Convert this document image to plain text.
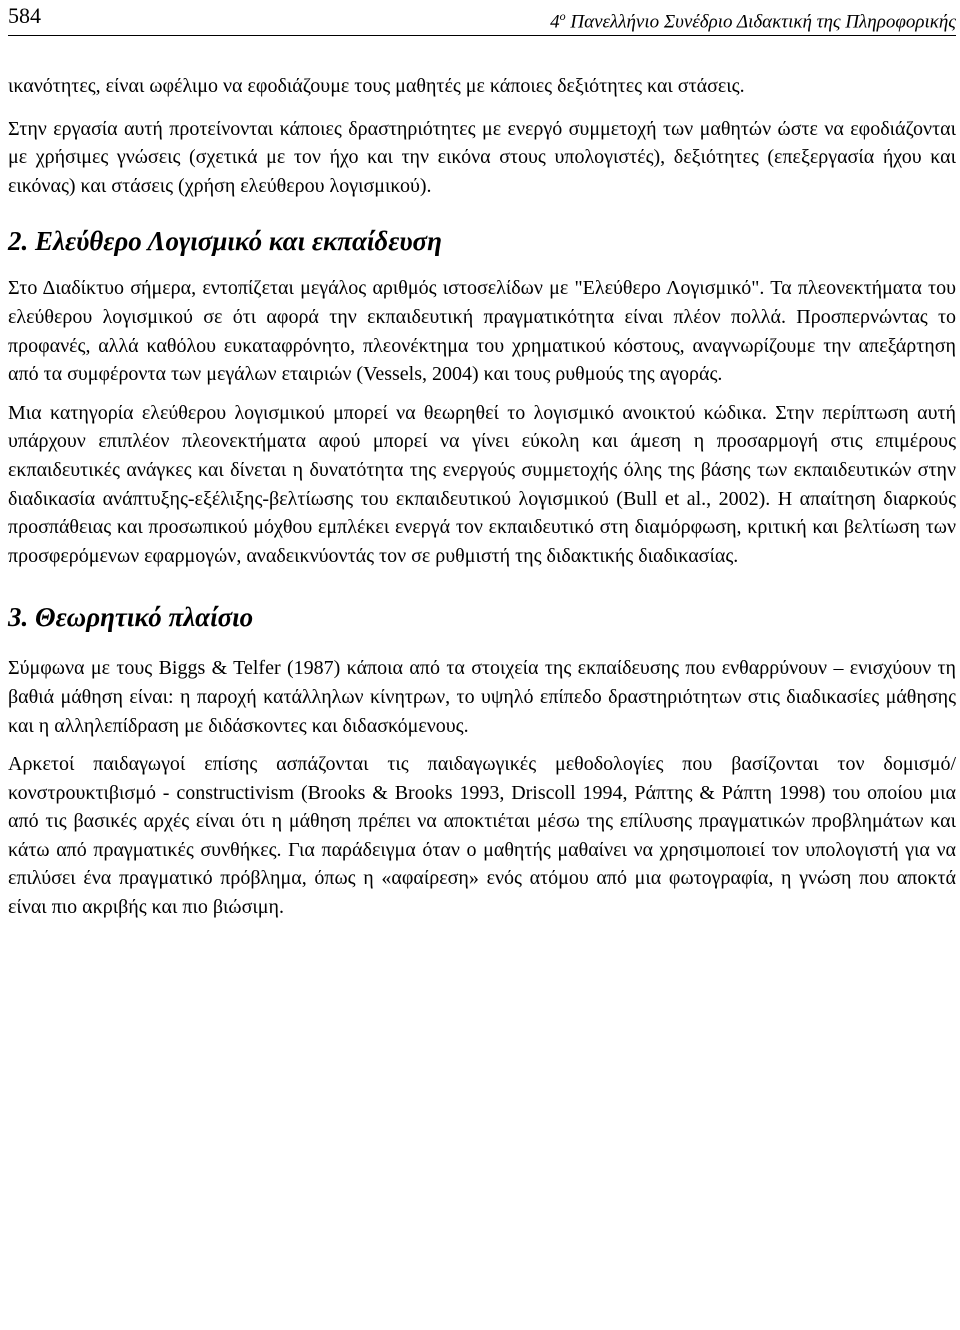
584	$4^o$ Πανελλήνιο Συνέδριο Διδακτική της Πληροφορικής

ικανότητες, είναι ωφέλιμο να εφοδιάζουμε τους μαθητές με κάποιες δεξιότητες και στάσεις.

Στην εργασία αυτή προτείνονται κάποιες δραστηριότητες με ενεργό συμμετοχή των μαθητών ώστε να εφοδιάζονται με χρήσιμες γνώσεις (σχετικά με τον ήχο και την εικόνα στους υπολογιστές), δεξιότητες (επεξεργασία ήχου και εικόνας) και στάσεις (χρήση ελεύθερου λογισμικού).

2. Ελεύθερο Λογισμικό και εκπαίδευση

Στο Διαδίκτυο σήμερα, εντοπίζεται μεγάλος αριθμός ιστοσελίδων με "Ελεύθερο Λογισμικό". Τα πλεονεκτήματα του ελεύθερου λογισμικού σε ότι αφορά την εκπαιδευτική πραγματικότητα είναι πλέον πολλά. Προσπερνώντας το προφανές, αλλά καθόλου ευκαταφρόνητο, πλεονέκτημα του χρηματικού κόστους, αναγνωρίζουμε την απεξάρτηση από τα συμφέροντα των μεγάλων εταιριών (Vessels, 2004) και τους ρυθμούς της αγοράς.

Μια κατηγορία ελεύθερου λογισμικού μπορεί να θεωρηθεί το λογισμικό ανοικτού κώδικα. Στην περίπτωση αυτή υπάρχουν επιπλέον πλεονεκτήματα αφού μπορεί να γίνει εύκολη και άμεση η προσαρμογή στις επιμέρους εκπαιδευτικές ανάγκες και δίνεται η δυνατότητα της ενεργούς συμμετοχής όλης της βάσης των εκπαιδευτικών στην διαδικασία ανάπτυξης-εξέλιξης-βελτίωσης του εκπαιδευτικού λογισμικού (Bull et al., 2002). Η απαίτηση διαρκούς προσπάθειας και προσωπικού μόχθου εμπλέκει ενεργά τον εκπαιδευτικό στη διαμόρφωση, κριτική και βελτίωση των προσφερόμενων εφαρμογών, αναδεικνύοντάς τον σε ρυθμιστή της διδακτικής διαδικασίας.

3. Θεωρητικό πλαίσιο

Σύμφωνα με τους Biggs & Telfer (1987) κάποια από τα στοιχεία της εκπαίδευσης που ενθαρρύνουν – ενισχύουν τη βαθιά μάθηση είναι: η παροχή κατάλληλων κίνητρων, το υψηλό επίπεδο δραστηριότητων στις διαδικασίες μάθησης και η αλληλεπίδραση με διδάσκοντες και διδασκόμενους.

Αρκετοί παιδαγωγοί επίσης ασπάζονται τις παιδαγωγικές μεθοδολογίες που βασίζονται τον δομισμό/κονστρουκτιβισμό - constructivism (Brooks & Brooks 1993, Driscoll 1994, Ράπτης & Ράπτη 1998) του οποίου μια από τις βασικές αρχές είναι ότι η μάθηση πρέπει να αποκτιέται μέσω της επίλυσης πραγματικών προβλημάτων και κάτω από πραγματικές συνθήκες. Για παράδειγμα όταν ο μαθητής μαθαίνει να χρησιμοποιεί τον υπολογιστή για να επιλύσει ένα πραγματικό πρόβλημα, όπως η «αφαίρεση» ενός ατόμου από μια φωτογραφία, η γνώση που αποκτά είναι πιο ακριβής και πιο βιώσιμη.
